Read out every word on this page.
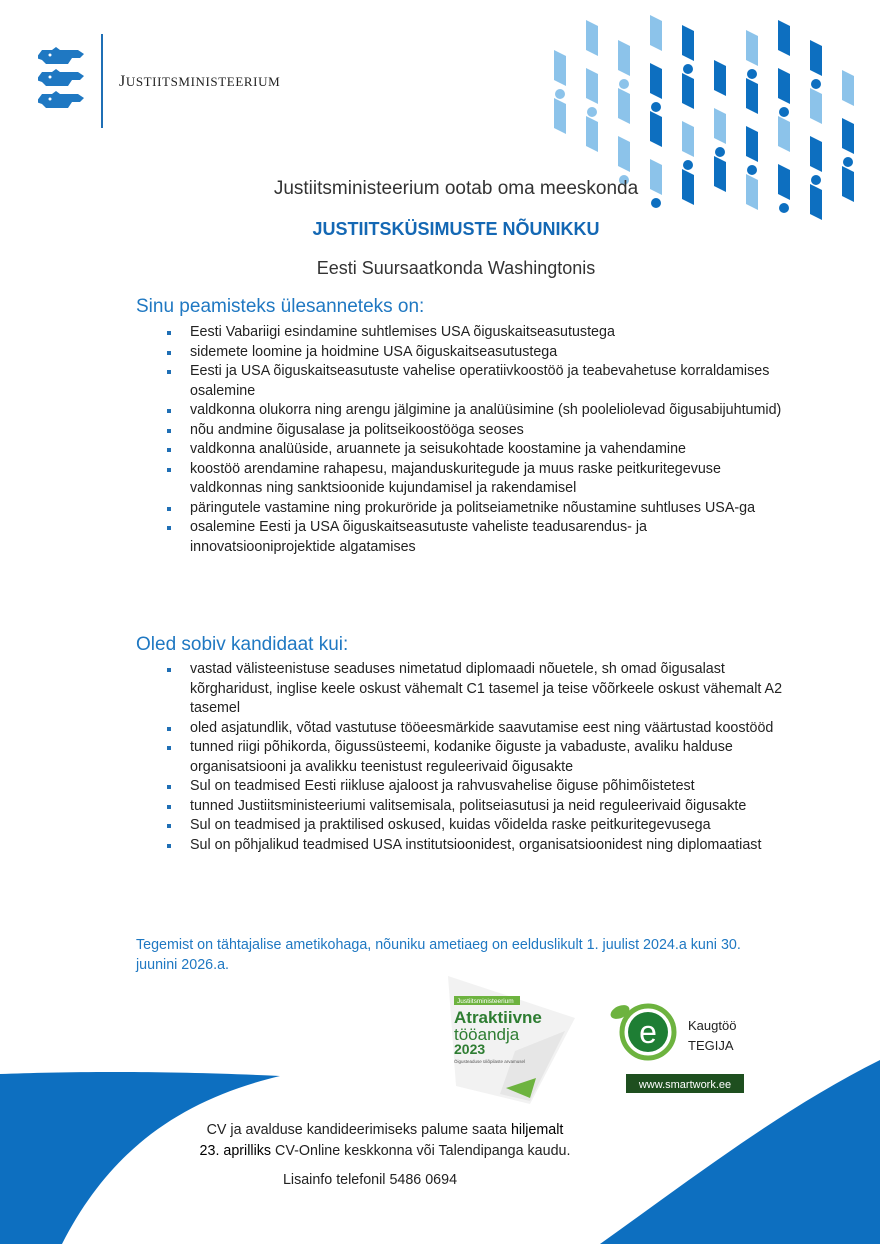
JUSTIITSMINISTEERIUM
Justiitsministeerium ootab oma meeskonda
JUSTIITSKÜSIMUSTE NÕUNIKKU
Eesti Suursaatkonda Washingtonis
Sinu peamisteks ülesanneteks on:
Eesti Vabariigi esindamine suhtlemises USA õiguskaitseasutustega
sidemete loomine ja hoidmine USA õiguskaitseasutustega
Eesti ja USA õiguskaitseasutuste vahelise operatiivkoostöö ja teabevahetuse korraldamises osalemine
valdkonna olukorra ning arengu jälgimine ja analüüsimine (sh pooleliolevad õigusabijuhtumid)
nõu andmine õigusalase ja politseikoostööga seoses
valdkonna analüüside, aruannete ja seisukohtade koostamine ja vahendamine
koostöö arendamine rahapesu, majanduskuritegude ja muus raske peitkuritegevuse valdkonnas ning sanktsioonide kujundamisel ja rakendamisel
päringutele vastamine ning prokuröride ja politseiametnike nõustamine suhtluses USA-ga
osalemine Eesti ja USA õiguskaitseasutuste vaheliste teadusarendus- ja innovatsiooniprojektide algatamises
Oled sobiv kandidaat kui:
vastad välisteenistuse seaduses nimetatud diplomaadi nõuetele, sh omad õigusalast kõrgharidust, inglise keele oskust vähemalt C1 tasemel ja teise võõrkeele oskust vähemalt A2 tasemel
oled asjatundlik, võtad vastutuse tööeesmärkide saavutamise eest ning väärtustad koostööd
tunned riigi põhikorda, õigussüsteemi, kodanike õiguste ja vabaduste, avaliku halduse organisatsiooni ja avalikku teenistust reguleerivaid õigusakte
Sul on teadmised Eesti riikluse ajaloost ja rahvusvahelise õiguse põhimõistetest
tunned Justiitsministeeriumi valitsemisala, politseiasutusi ja neid reguleerivaid õigusakte
Sul on teadmised ja praktilised oskused, kuidas võidelda raske peitkuritegevusega
Sul on põhjalikud teadmised USA institutsioonidest, organisatsioonidest ning diplomaatiast
Tegemist on tähtajalise ametikohaga, nõuniku ametiaeg on eelduslikult 1. juulist 2024.a kuni 30. juunini 2026.a.
Justiitsministeerium
Atraktiivne
tööandja
2023
Õigusteaduse üliõpilaste arvamusel
e Kaugtöö
TEGIJA
www.smartwork.ee
CV ja avalduse kandideerimiseks palume saata hiljemalt
23. aprilliks CV-Online keskkonna või Talendipanga kaudu.
Lisainfo telefonil 5486 0694
